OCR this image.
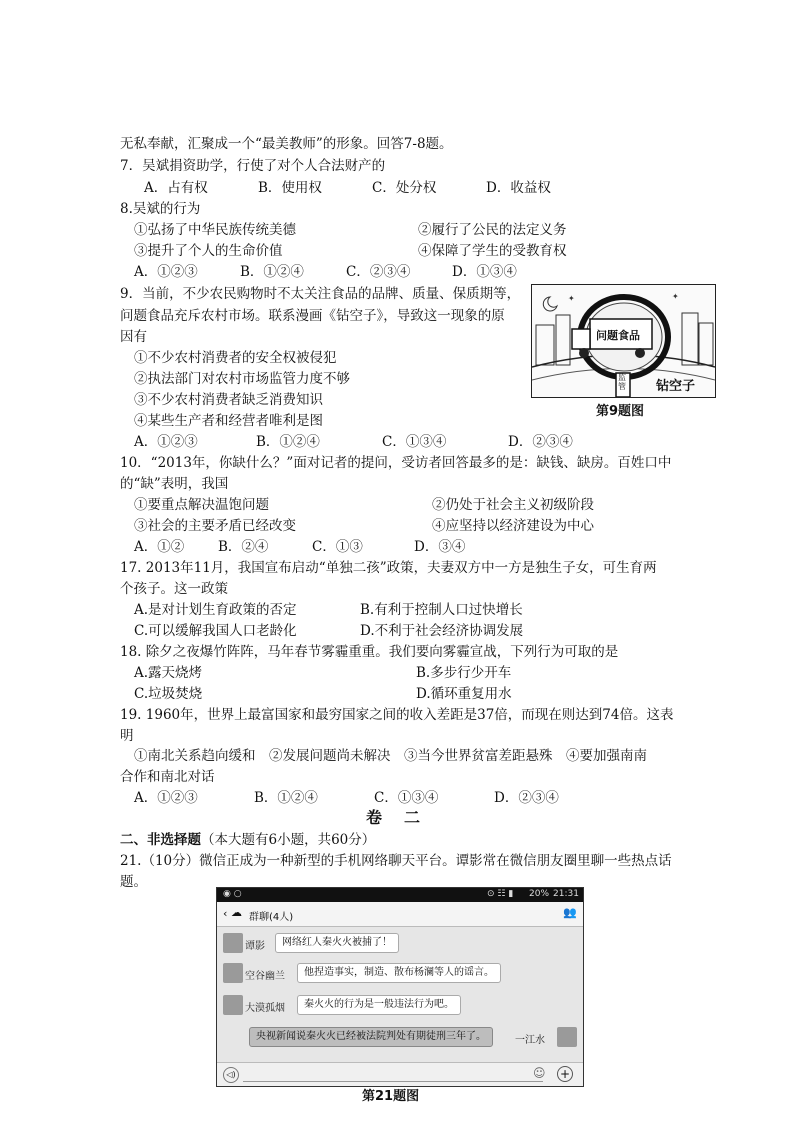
无私奉献，汇聚成一个“最美教师”的形象。回答7-8题。
7．吴斌捐资助学，行使了对个人合法财产的
A．占有权	B．使用权	C．处分权	D．收益权
8.吴斌的行为
①弘扬了中华民族传统美德	②履行了公民的法定义务
③提升了个人的生命价值	④保障了学生的受教育权
A．①②③	B．①②④	C．②③④	D．①③④
9．当前，不少农民购物时不太关注食品的品牌、质量、保质期等，
问题食品充斥农村市场。联系漫画《钻空子》，导致这一现象的原
因有
①不少农村消费者的安全权被侵犯
②执法部门对农村市场监管力度不够
③不少农村消费者缺乏消费知识
④某些生产者和经营者唯利是图
A．①②③	B．①②④	C．①③④	D．②③④
✦	✦
问题食品
监管 钻空子
第9题图
10．“2013年，你缺什么？”面对记者的提问，受访者回答最多的是：缺钱、缺房。百姓口中
的“缺”表明，我国
①要重点解决温饱问题	②仍处于社会主义初级阶段
③社会的主要矛盾已经改变	④应坚持以经济建设为中心
A．①②	B．②④	C．①③	D．③④
17. 2013年11月，我国宣布启动“单独二孩”政策，夫妻双方中一方是独生子女，可生育两
个孩子。这一政策
A.是对计划生育政策的否定	B.有利于控制人口过快增长
C.可以缓解我国人口老龄化	D.不利于社会经济协调发展
18. 除夕之夜爆竹阵阵，马年春节雾霾重重。我们要向雾霾宣战，下列行为可取的是
A.露天烧烤	B.多步行少开车
C.垃圾焚烧	D.循环重复用水
19. 1960年，世界上最富国家和最穷国家之间的收入差距是37倍，而现在则达到74倍。这表
明
①南北关系趋向缓和　②发展问题尚未解决　③当今世界贫富差距悬殊　④要加强南南
合作和南北对话
A．①②③	B．①②④	C．①③④	D．②③④
卷二
二、非选择题（本大题有6小题，共60分）
21.（10分）微信正成为一种新型的手机网络聊天平台。谭影常在微信朋友圈里聊一些热点话
题。
◉ ○	⊙ ☷ ▮ 20% 21:31
‹ ☁ 群聊(4人)	👥
谭影	网络红人秦火火被捕了！
空谷幽兰	他捏造事实，制造、散布杨澜等人的谣言。
大漠孤烟	秦火火的行为是一般违法行为吧。
央视新闻说秦火火已经被法院判处有期徒刑三年了。	一江水
◁)	☺ +
第21题图
